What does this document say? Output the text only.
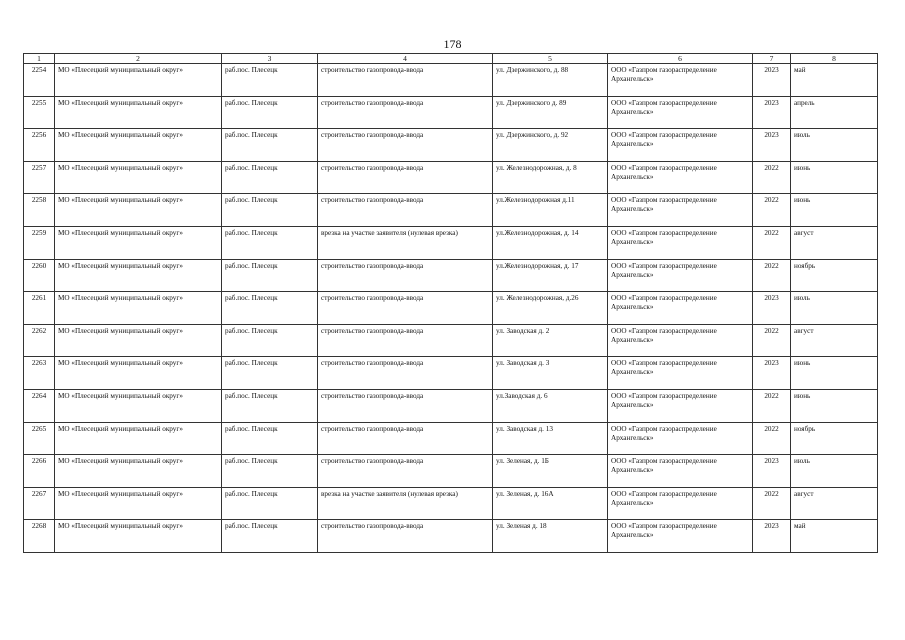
178
1	2	3	4	5	6	7	8
2254	МО «Плесецкий муниципальный округ»	раб.пос. Плесецк	строительство газопровода-ввода	ул. Дзержинского, д. 88	ООО «Газпром газораспределение Архангельск»	2023	май
2255	МО «Плесецкий муниципальный округ»	раб.пос. Плесецк	строительство газопровода-ввода	ул. Дзержинского д. 89	ООО «Газпром газораспределение Архангельск»	2023	апрель
2256	МО «Плесецкий муниципальный округ»	раб.пос. Плесецк	строительство газопровода-ввода	ул. Дзержинского, д. 92	ООО «Газпром газораспределение Архангельск»	2023	июль
2257	МО «Плесецкий муниципальный округ»	раб.пос. Плесецк	строительство газопровода-ввода	ул. Железнодорожная, д. 8	ООО «Газпром газораспределение Архангельск»	2022	июнь
2258	МО «Плесецкий муниципальный округ»	раб.пос. Плесецк	строительство газопровода-ввода	ул.Железнодорожная д.11	ООО «Газпром газораспределение Архангельск»	2022	июнь
2259	МО «Плесецкий муниципальный округ»	раб.пос. Плесецк	врезка на участке заявителя (нулевая врезка)	ул.Железнодорожная, д. 14	ООО «Газпром газораспределение Архангельск»	2022	август
2260	МО «Плесецкий муниципальный округ»	раб.пос. Плесецк	строительство газопровода-ввода	ул.Железнодорожная, д. 17	ООО «Газпром газораспределение Архангельск»	2022	ноябрь
2261	МО «Плесецкий муниципальный округ»	раб.пос. Плесецк	строительство газопровода-ввода	ул. Железнодорожная, д.26	ООО «Газпром газораспределение Архангельск»	2023	июль
2262	МО «Плесецкий муниципальный округ»	раб.пос. Плесецк	строительство газопровода-ввода	ул. Заводская д. 2	ООО «Газпром газораспределение Архангельск»	2022	август
2263	МО «Плесецкий муниципальный округ»	раб.пос. Плесецк	строительство газопровода-ввода	ул. Заводская д. 3	ООО «Газпром газораспределение Архангельск»	2023	июнь
2264	МО «Плесецкий муниципальный округ»	раб.пос. Плесецк	строительство газопровода-ввода	ул.Заводская д. 6	ООО «Газпром газораспределение Архангельск»	2022	июнь
2265	МО «Плесецкий муниципальный округ»	раб.пос. Плесецк	строительство газопровода-ввода	ул. Заводская д. 13	ООО «Газпром газораспределение Архангельск»	2022	ноябрь
2266	МО «Плесецкий муниципальный округ»	раб.пос. Плесецк	строительство газопровода-ввода	ул. Зеленая, д. 1Б	ООО «Газпром газораспределение Архангельск»	2023	июль
2267	МО «Плесецкий муниципальный округ»	раб.пос. Плесецк	врезка на участке заявителя (нулевая врезка)	ул. Зеленая, д. 16А	ООО «Газпром газораспределение Архангельск»	2022	август
2268	МО «Плесецкий муниципальный округ»	раб.пос. Плесецк	строительство газопровода-ввода	ул. Зеленая д. 18	ООО «Газпром газораспределение Архангельск»	2023	май
